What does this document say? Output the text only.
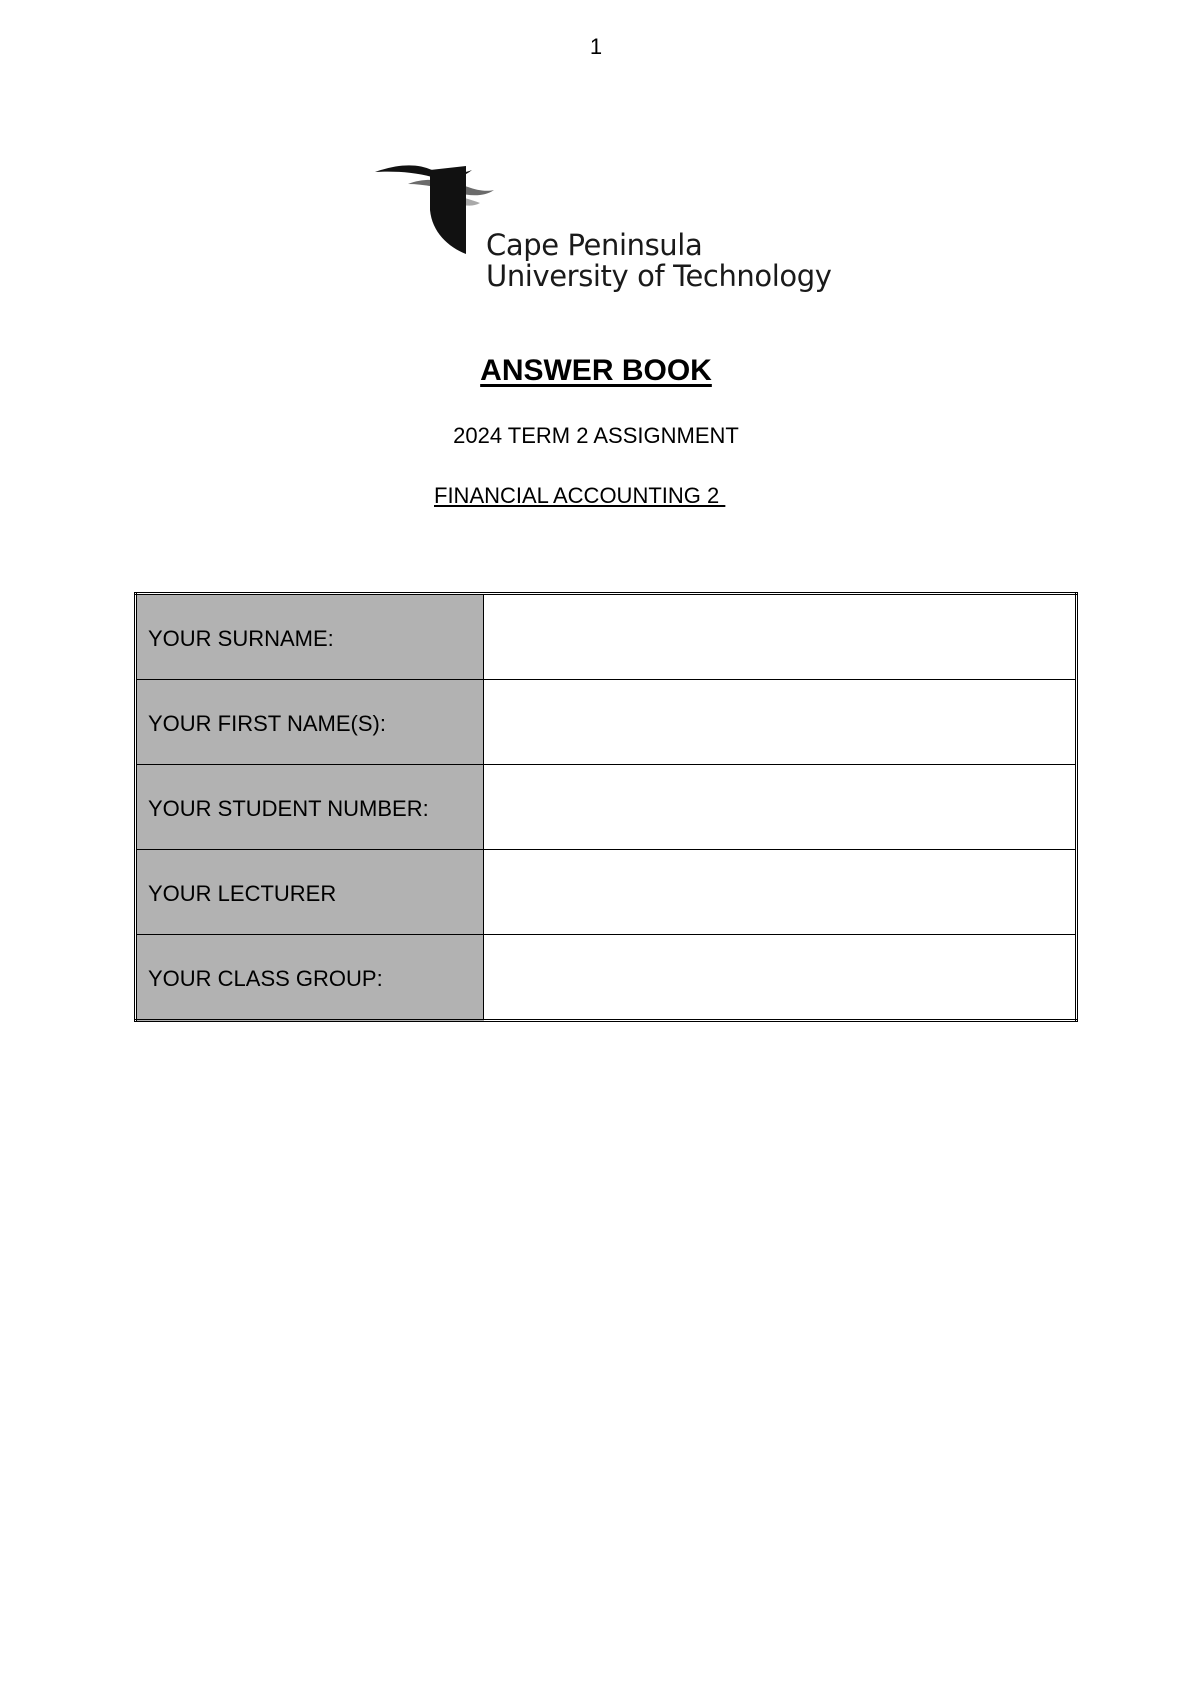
1
Cape Peninsula
University of Technology
ANSWER BOOK
2024 TERM 2 ASSIGNMENT
FINANCIAL ACCOUNTING 2
YOUR SURNAME:	
YOUR FIRST NAME(S):	
YOUR STUDENT NUMBER:	
YOUR LECTURER	
YOUR CLASS GROUP:	
